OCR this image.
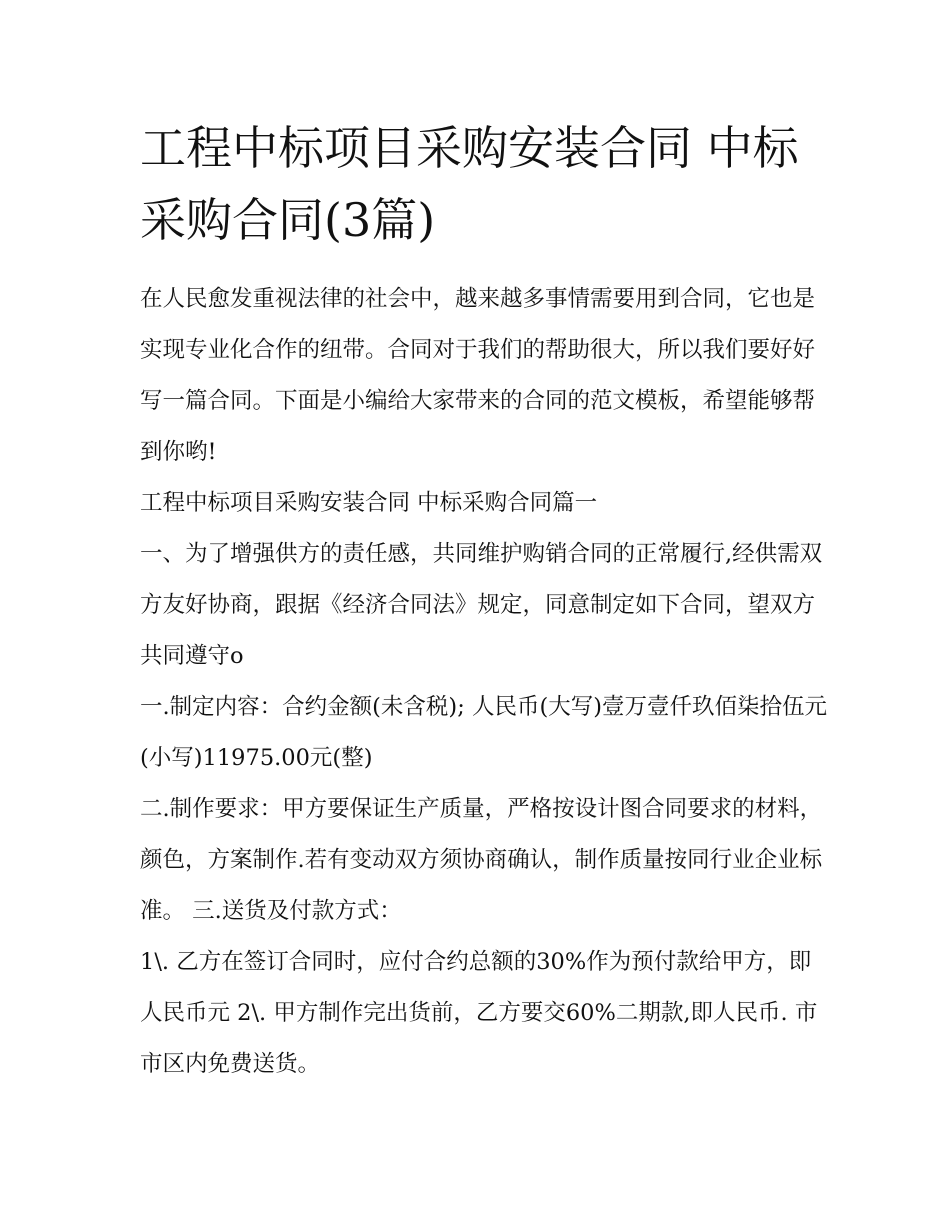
工程中标项目采购安装合同 中标采购合同(3篇)

在人民愈发重视法律的社会中，越来越多事情需要用到合同，它也是实现专业化合作的纽带。合同对于我们的帮助很大，所以我们要好好写一篇合同。下面是小编给大家带来的合同的范文模板，希望能够帮到你哟!

工程中标项目采购安装合同 中标采购合同篇一

一、为了增强供方的责任感，共同维护购销合同的正常履行,经供需双方友好协商，跟据《经济合同法》规定，同意制定如下合同，望双方共同遵守o

一.制定内容：合约金额(未含税); 人民币(大写)壹万壹仟玖佰柒拾伍元(小写)11975.00元(整)

二.制作要求：甲方要保证生产质量，严格按设计图合同要求的材料，颜色，方案制作.若有变动双方须协商确认，制作质量按同行业企业标准。 三.送货及付款方式：

1\. 乙方在签订合同时，应付合约总额的30%作为预付款给甲方，即人民币元 2\. 甲方制作完出货前，乙方要交60%二期款,即人民币. 市市区内免费送货。
